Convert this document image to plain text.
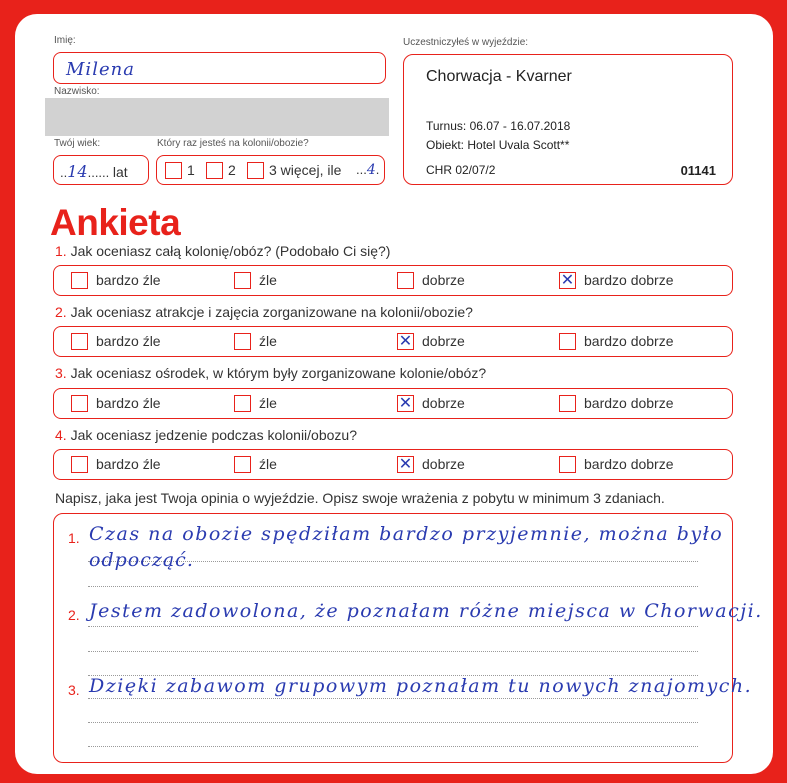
Imię:
Milena
Nazwisko:
Twój wiek:
..14...... lat
Który raz jesteś na kolonii/obozie?
1 2 3 więcej, ile ...4.
Uczestniczyłeś w wyjeździe:
Chorwacja - Kvarner
Turnus: 06.07 - 16.07.2018
Obiekt: Hotel Uvala Scott**
CHR 02/07/2	01141
Ankieta
1. Jak oceniasz całą kolonię/obóz? (Podobało Ci się?)
bardzo źle	źle	dobrze	✕ bardzo dobrze
2. Jak oceniasz atrakcje i zajęcia zorganizowane na kolonii/obozie?
bardzo źle	źle	✕ dobrze	bardzo dobrze
3. Jak oceniasz ośrodek, w którym były zorganizowane kolonie/obóz?
bardzo źle	źle	✕ dobrze	bardzo dobrze
4. Jak oceniasz jedzenie podczas kolonii/obozu?
bardzo źle	źle	✕ dobrze	bardzo dobrze
Napisz, jaka jest Twoja opinia o wyjeździe. Opisz swoje wrażenia z pobytu w minimum 3 zdaniach.
1. Czas na obozie spędziłam bardzo przyjemnie, można było
odpocząć.
2. Jestem zadowolona, że poznałam różne miejsca w Chorwacji.
3. Dzięki zabawom grupowym poznałam tu nowych znajomych.
